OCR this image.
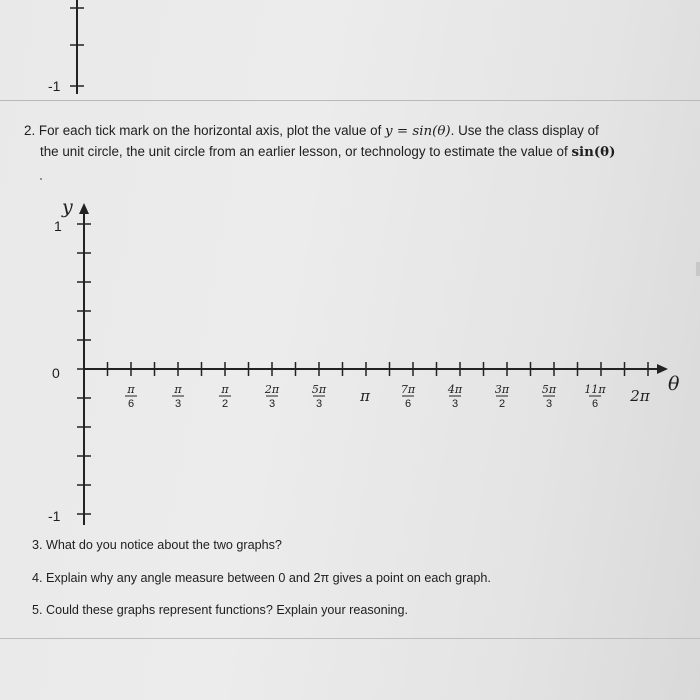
-1
y
θ
1
0
-1
π
6
π
3
π
2
2π
3
5π
3	π	7π
6
4π
3
3π
2
5π
3
11π
6 2π
2. For each tick mark on the horizontal axis, plot the value of y = sin(θ). Use the class display of
the unit circle, the unit circle from an earlier lesson, or technology to estimate the value of sin(θ)
3. What do you notice about the two graphs?
4. Explain why any angle measure between 0 and 2π gives a point on each graph.
5. Could these graphs represent functions? Explain your reasoning.
